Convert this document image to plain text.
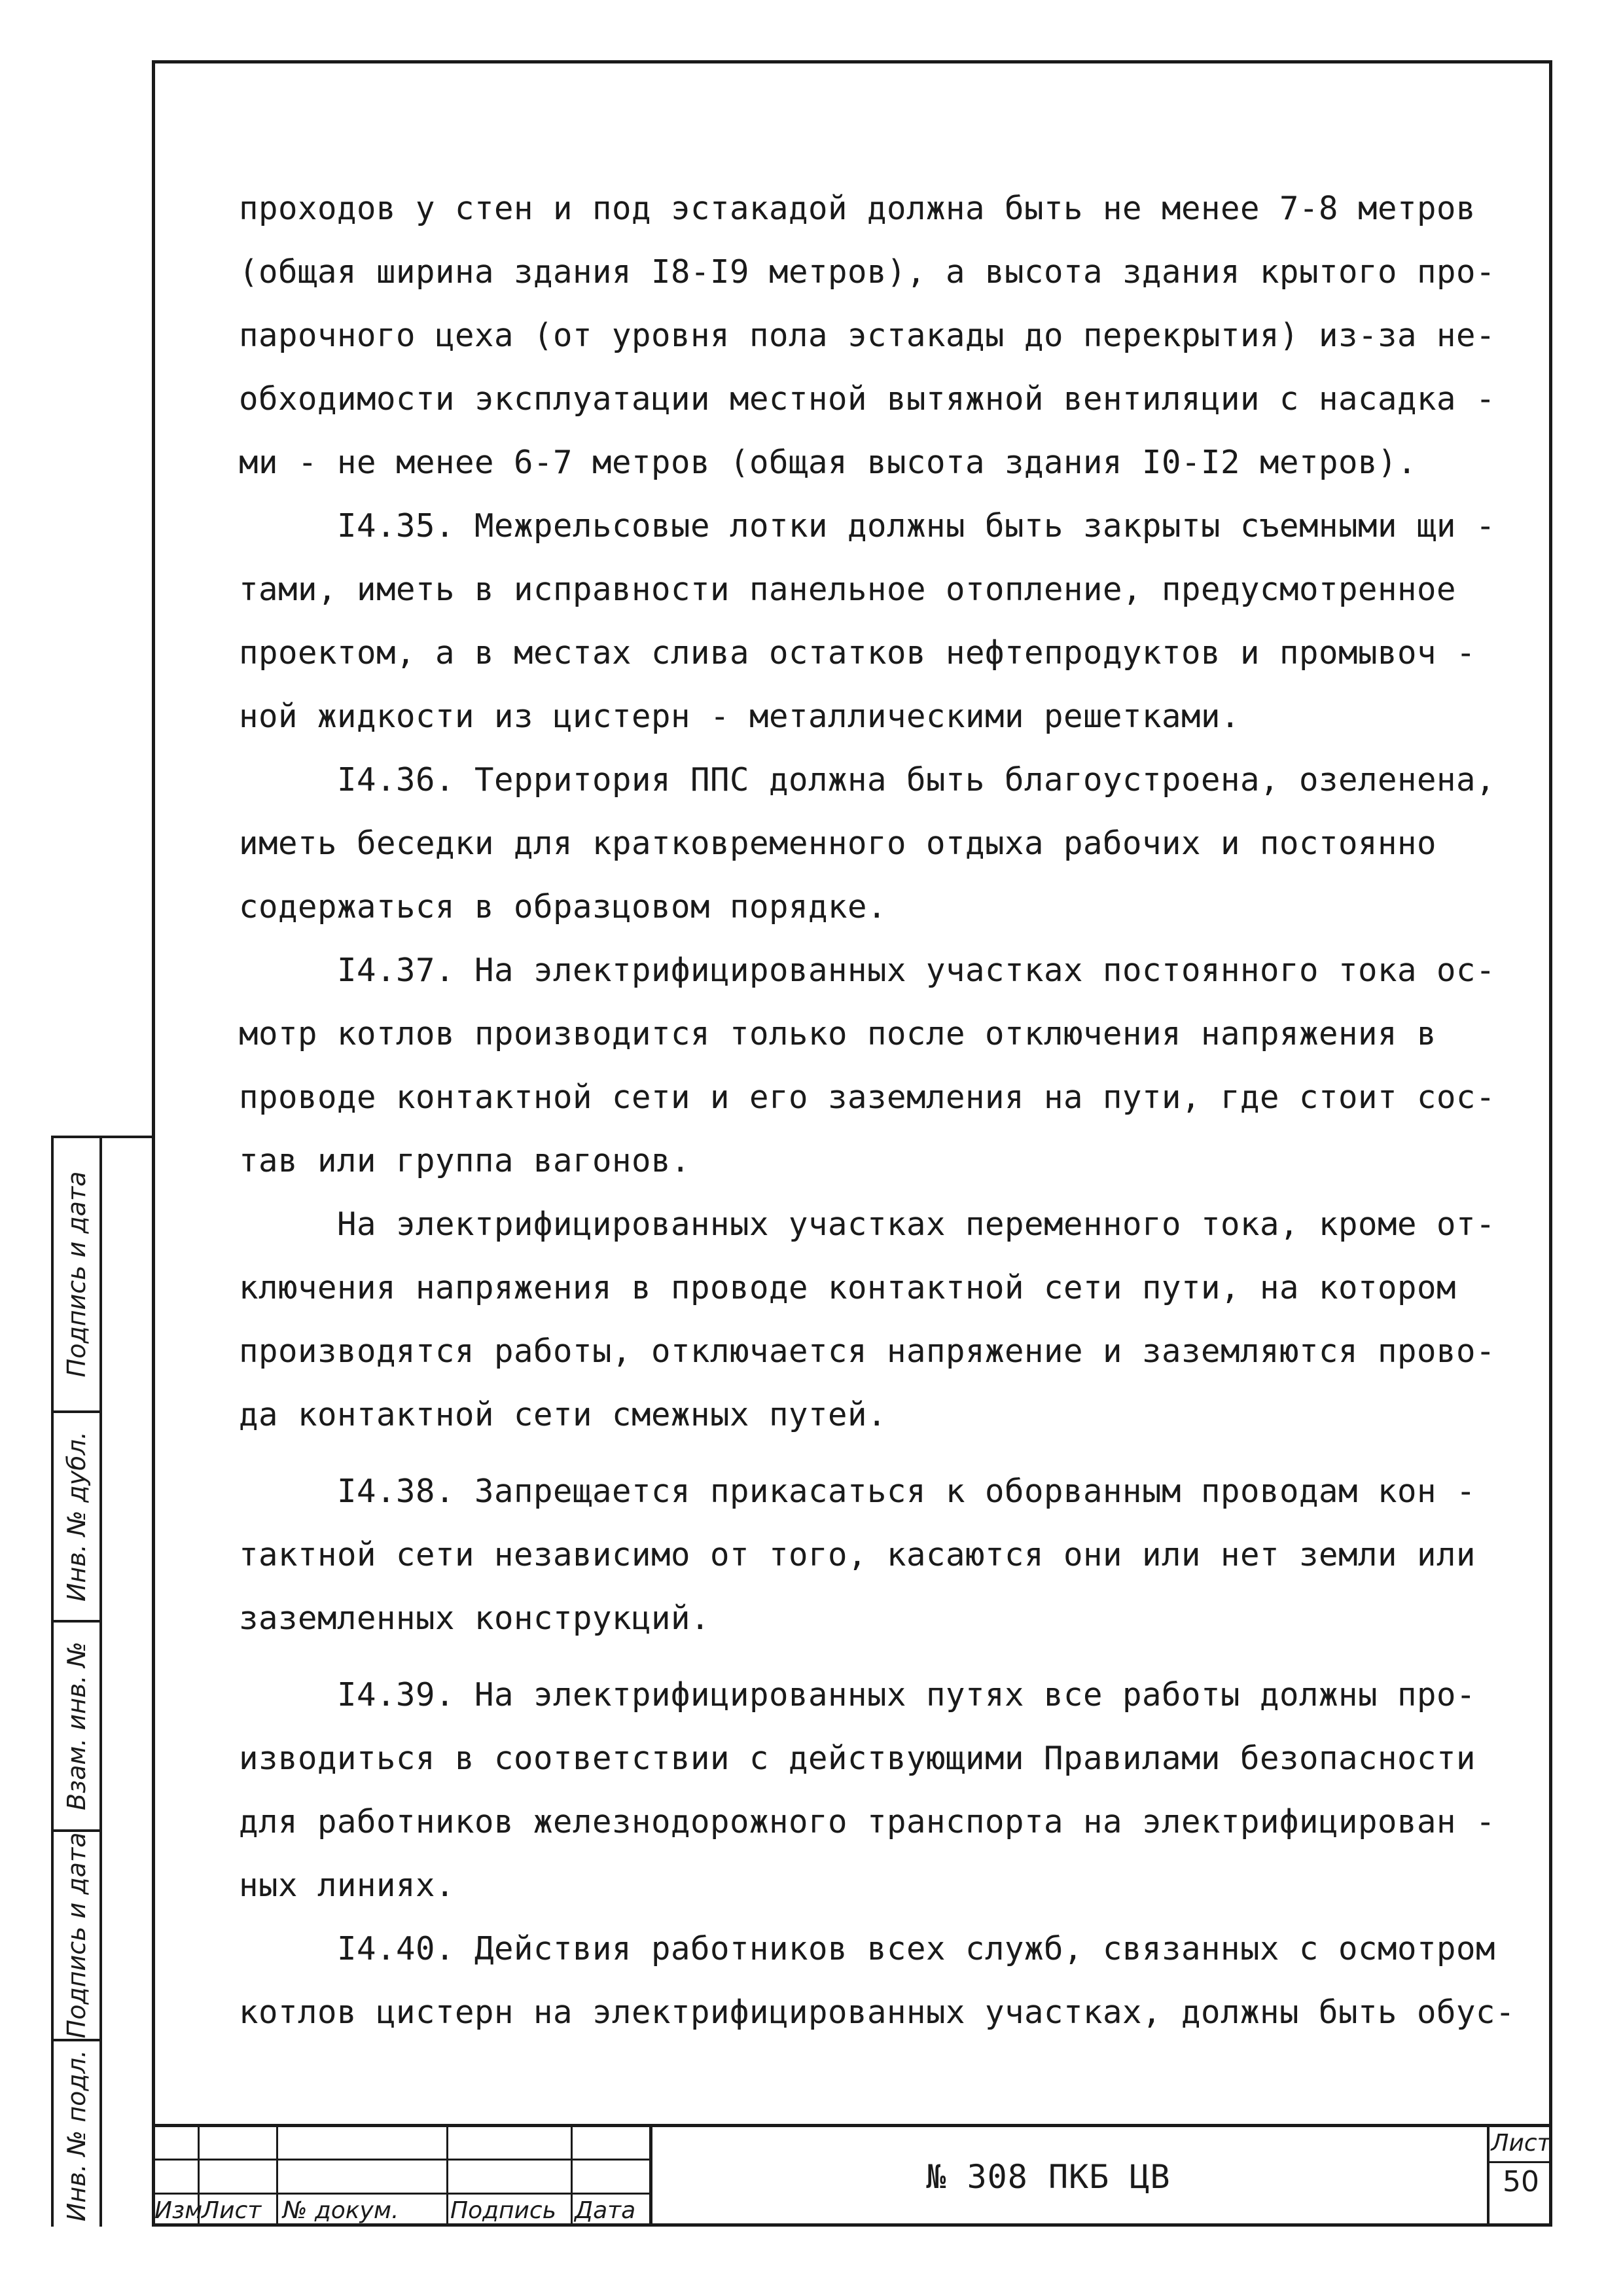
проходов у стен и под эстакадой должна быть не менее 7-8 метров
(общая ширина здания I8-I9 метров), а высота здания крытого про-
парочного цеха (от уровня пола эстакады до перекрытия) из-за не-
обходимости эксплуатации местной вытяжной вентиляции с насадка -
ми - не менее 6-7 метров (общая высота здания I0-I2 метров).
I4.35. Межрельсовые лотки должны быть закрыты съемными щи -
тами, иметь в исправности панельное отопление, предусмотренное
проектом, а в местах слива остатков нефтепродуктов и промывоч -
ной жидкости из цистерн - металлическими решетками.
I4.36. Территория ППС должна быть благоустроена, озеленена,
иметь беседки для кратковременного отдыха рабочих и постоянно
содержаться в образцовом порядке.
I4.37. На электрифицированных участках постоянного тока ос-
мотр котлов производится только после отключения напряжения в
проводе контактной сети и его заземления на пути, где стоит сос-
тав или группа вагонов.
На электрифицированных участках переменного тока, кроме от-
ключения напряжения в проводе контактной сети пути, на котором
производятся работы, отключается напряжение и заземляются прово-
да контактной сети смежных путей.
I4.38. Запрещается прикасаться к оборванным проводам кон -
тактной сети независимо от того, касаются они или нет земли или
заземленных конструкций.
I4.39. На электрифицированных путях все работы должны про-
изводиться в соответствии с действующими Правилами безопасности
для работников железнодорожного транспорта на электрифицирован -
ных линиях.
I4.40. Действия работников всех служб, связанных с осмотром
котлов цистерн на электрифицированных участках, должны быть обус-
Подпись и дата
Инв. № дубл.
Взам. инв. №
Подпись и дата
Инв. № подл.	Изм
Лист № докум. Подпись Дата
№ 308 ПКБ ЦВ
Лист
50
